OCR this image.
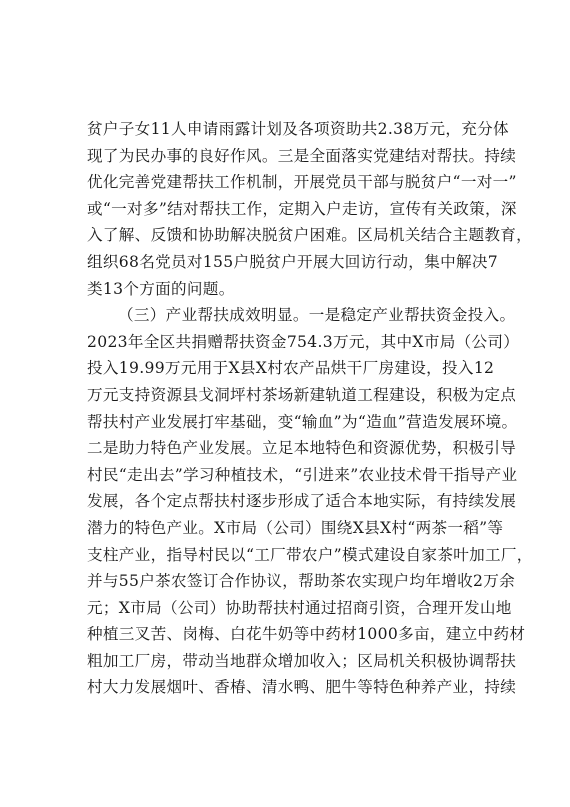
贫户子女11人申请雨露计划及各项资助共2.38万元，充分体
现了为民办事的良好作风。三是全面落实党建结对帮扶。持续
优化完善党建帮扶工作机制，开展党员干部与脱贫户“一对一”
或“一对多”结对帮扶工作，定期入户走访，宣传有关政策，深
入了解、反馈和协助解决脱贫户困难。区局机关结合主题教育，
组织68名党员对155户脱贫户开展大回访行动，集中解决7
类13个方面的问题。
（三）产业帮扶成效明显。一是稳定产业帮扶资金投入。
2023年全区共捐赠帮扶资金754.3万元，其中X市局（公司）
投入19.99万元用于X县X村农产品烘干厂房建设，投入12
万元支持资源县戈洞坪村茶场新建轨道工程建设，积极为定点
帮扶村产业发展打牢基础，变“输血”为“造血”营造发展环境。
二是助力特色产业发展。立足本地特色和资源优势，积极引导
村民“走出去”学习种植技术，“引进来”农业技术骨干指导产业
发展，各个定点帮扶村逐步形成了适合本地实际，有持续发展
潜力的特色产业。X市局（公司）围绕X县X村“两茶一稻”等
支柱产业，指导村民以“工厂带农户”模式建设自家茶叶加工厂，
并与55户茶农签订合作协议，帮助茶农实现户均年增收2万余
元；X市局（公司）协助帮扶村通过招商引资，合理开发山地
种植三叉苦、岗梅、白花牛奶等中药材1000多亩，建立中药材
粗加工厂房，带动当地群众增加收入；区局机关积极协调帮扶
村大力发展烟叶、香椿、清水鸭、肥牛等特色种养产业，持续
